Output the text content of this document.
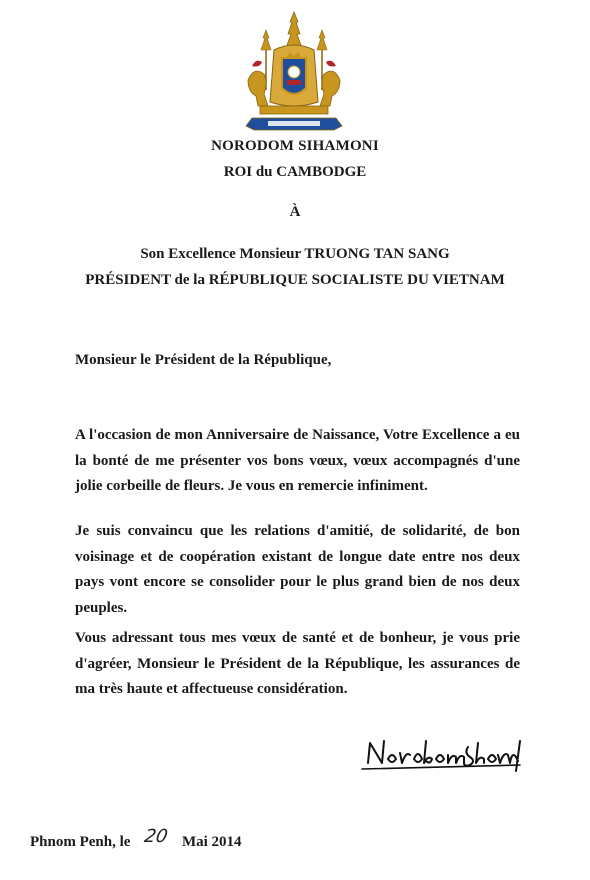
NORODOM SIHAMONI
ROI du CAMBODGE
À
Son Excellence Monsieur TRUONG TAN SANG
PRÉSIDENT de la RÉPUBLIQUE SOCIALISTE DU VIETNAM
Monsieur le Président de la République,

A l'occasion de mon Anniversaire de Naissance, Votre Excellence a eu la bonté de me présenter vos bons vœux, vœux accompagnés d'une jolie corbeille de fleurs. Je vous en remercie infiniment.

Je suis convaincu que les relations d'amitié, de solidarité, de bon voisinage et de coopération existant de longue date entre nos deux pays vont encore se consolider pour le plus grand bien de nos deux peuples.

Vous adressant tous mes vœux de santé et de bonheur, je vous prie d'agréer, Monsieur le Président de la République, les assurances de ma très haute et affectueuse considération.

Phnom Penh, le 20 Mai 2014
